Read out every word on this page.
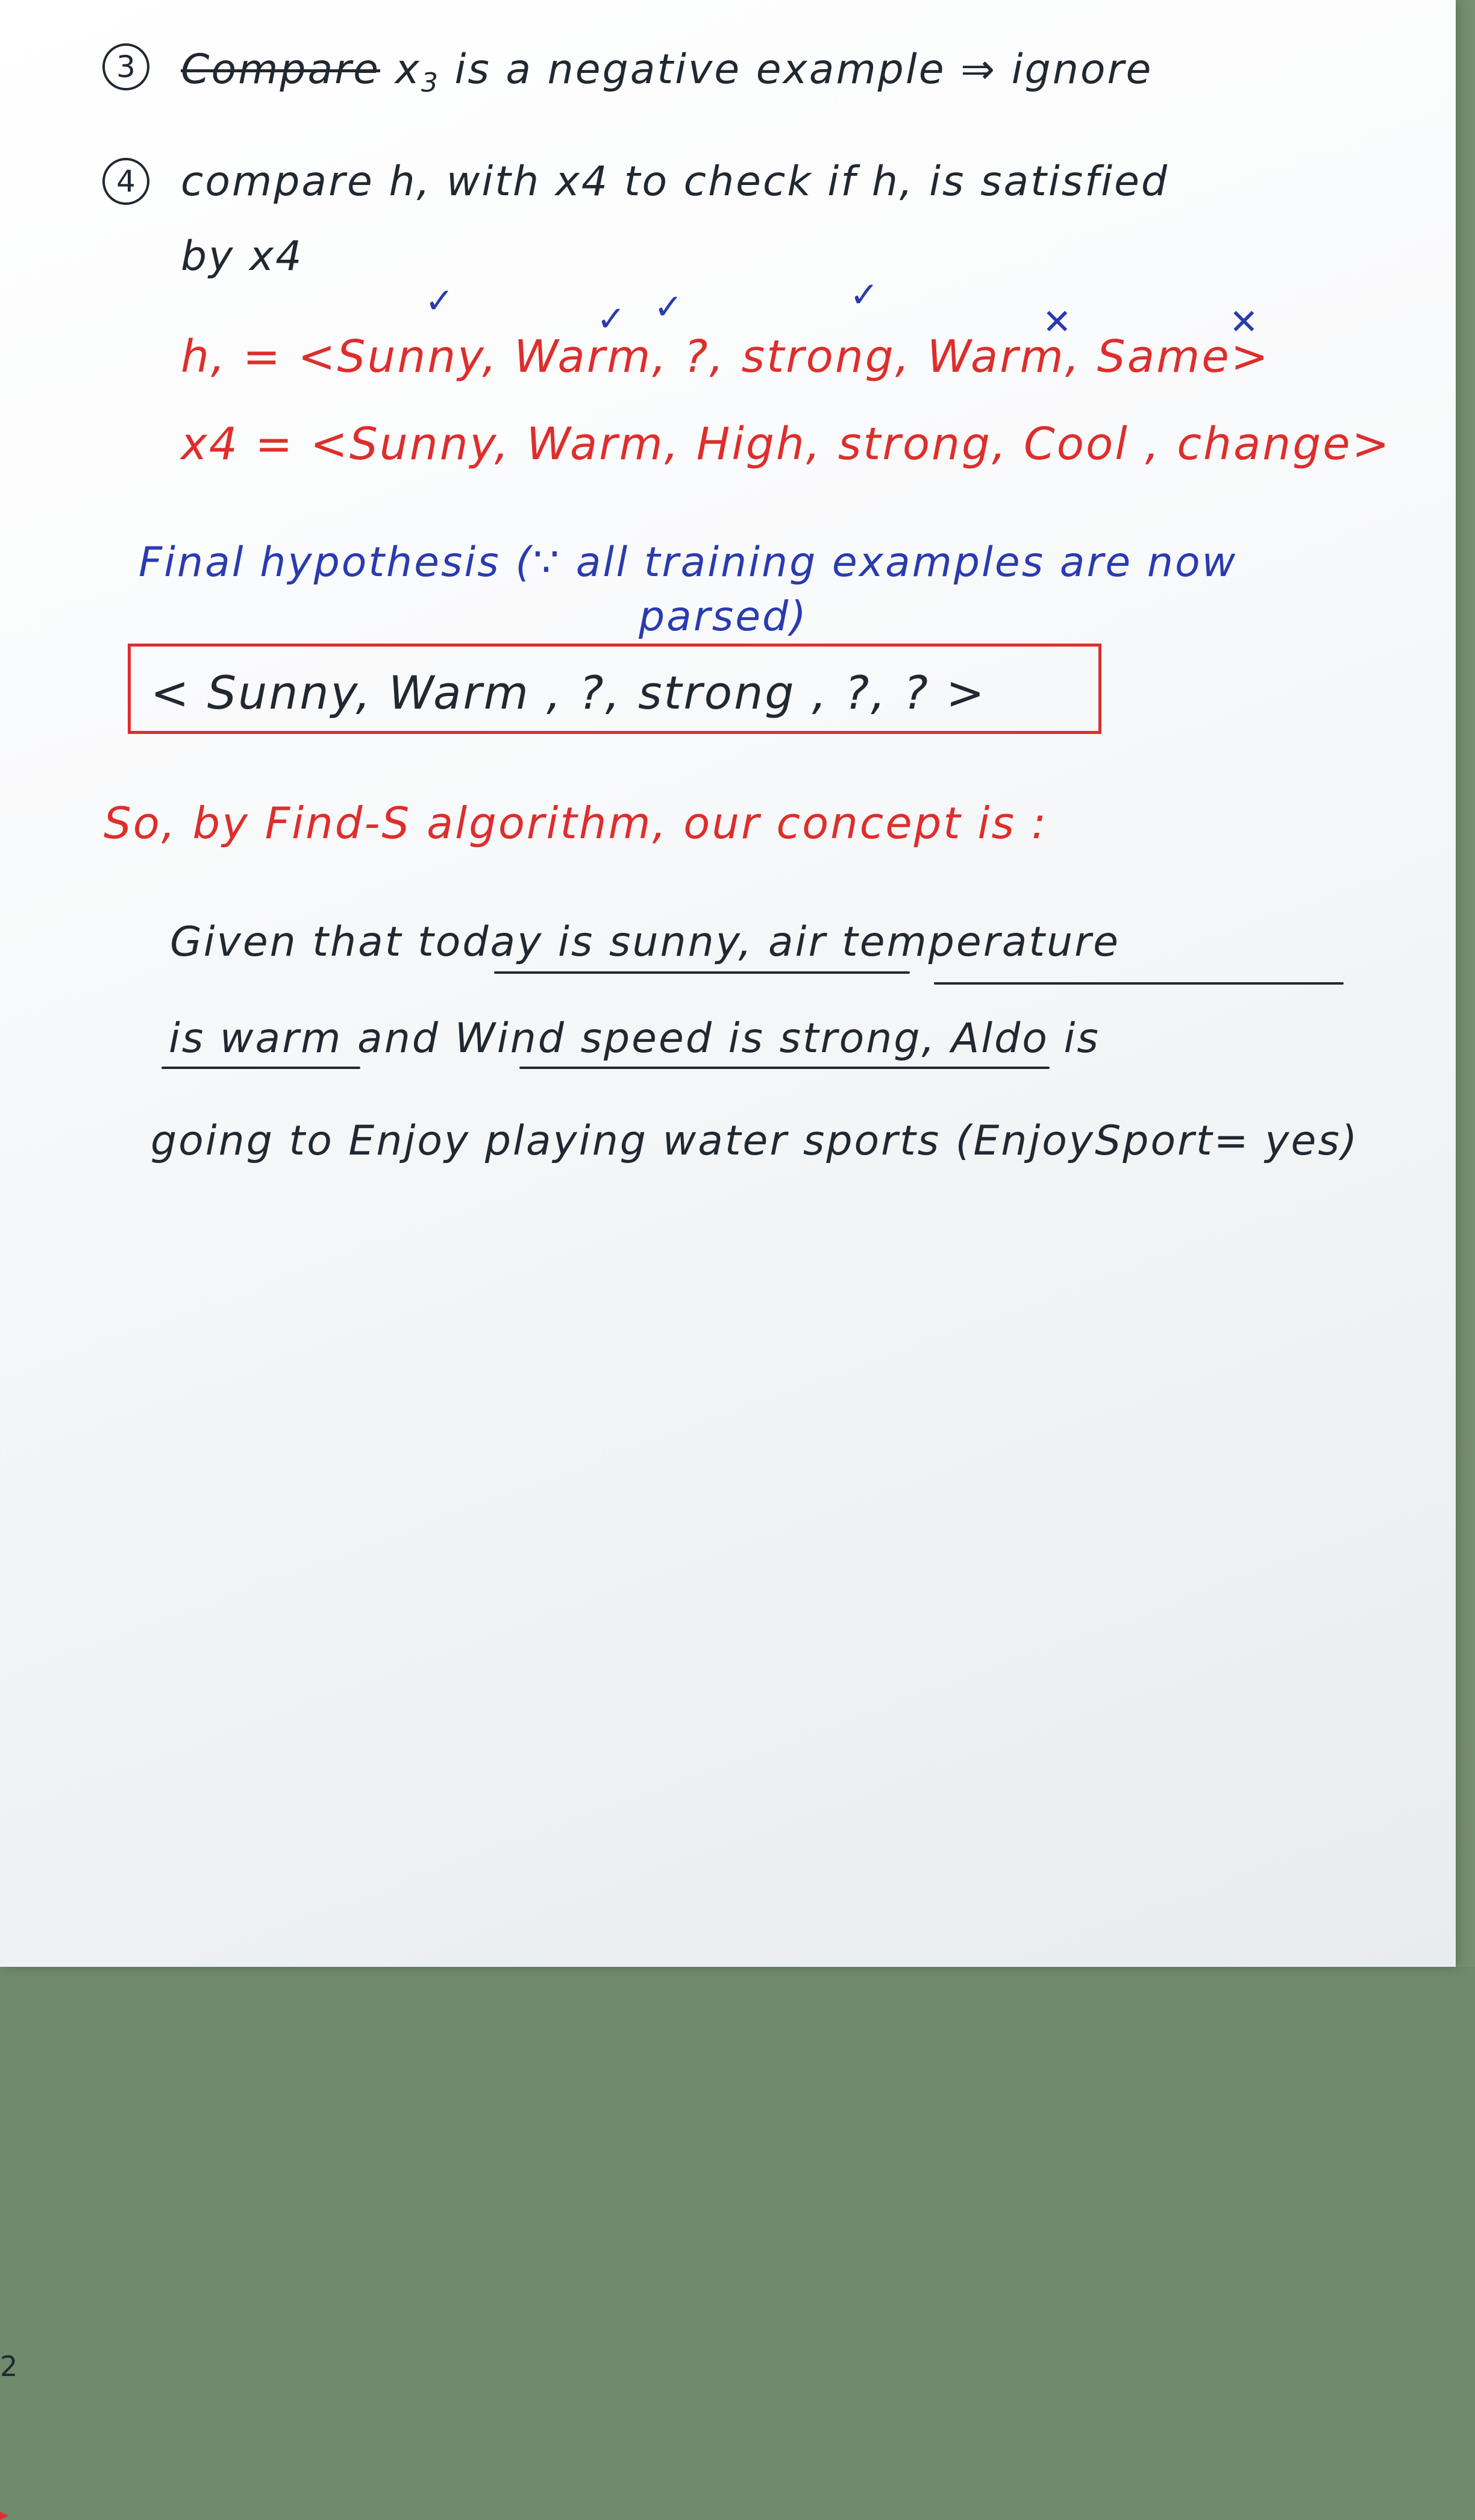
2
3	Compare $x_3$ is a negative example ⇒ ignore
4	compare h, with x4 to check if h, is satisfied
by x4
✓	✓ ✓	✓
✕	✕
h, = <Sunny, Warm, ?, strong, Warm, Same>
x4 = <Sunny, Warm, High, strong, Cool , change>
Final hypothesis (∵ all training examples are now
parsed)
< Sunny, Warm , ?, strong , ?, ? >
So, by Find-S algorithm, our concept is :
Given that today is sunny, air temperature
is warm and Wind speed is strong, Aldo is
going to Enjoy playing water sports (EnjoySport= yes)
